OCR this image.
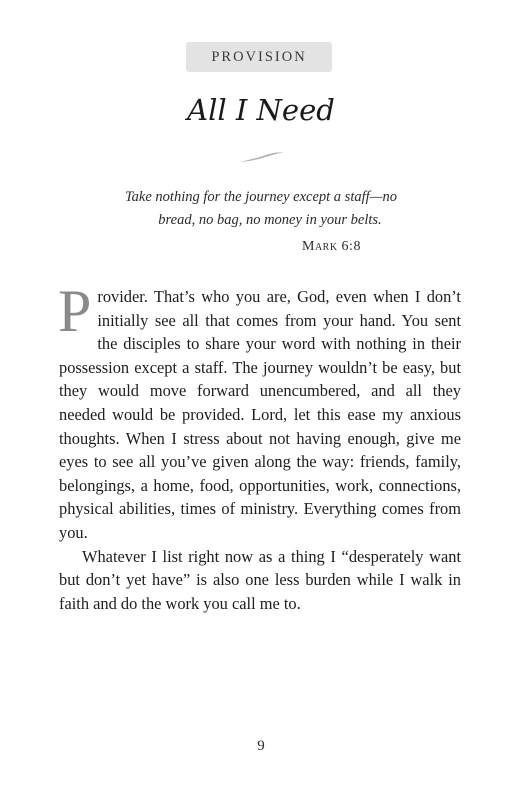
PROVISION
All I Need
Take nothing for the journey except a staff—no
bread, no bag, no money in your belts.
Mark 6:8

Provider. That’s who you are, God, even when I don’t initially see all that comes from your hand. You sent the disciples to share your word with nothing in their possession except a staff. The journey wouldn’t be easy, but they would move forward unencumbered, and all they needed would be provided. Lord, let this ease my anxious thoughts. When I stress about not having enough, give me eyes to see all you’ve given along the way: friends, family, belongings, a home, food, opportunities, work, connections, physical abilities, times of ministry. Everything comes from you.

Whatever I list right now as a thing I “desperately want but don’t yet have” is also one less burden while I walk in faith and do the work you call me to.

9
